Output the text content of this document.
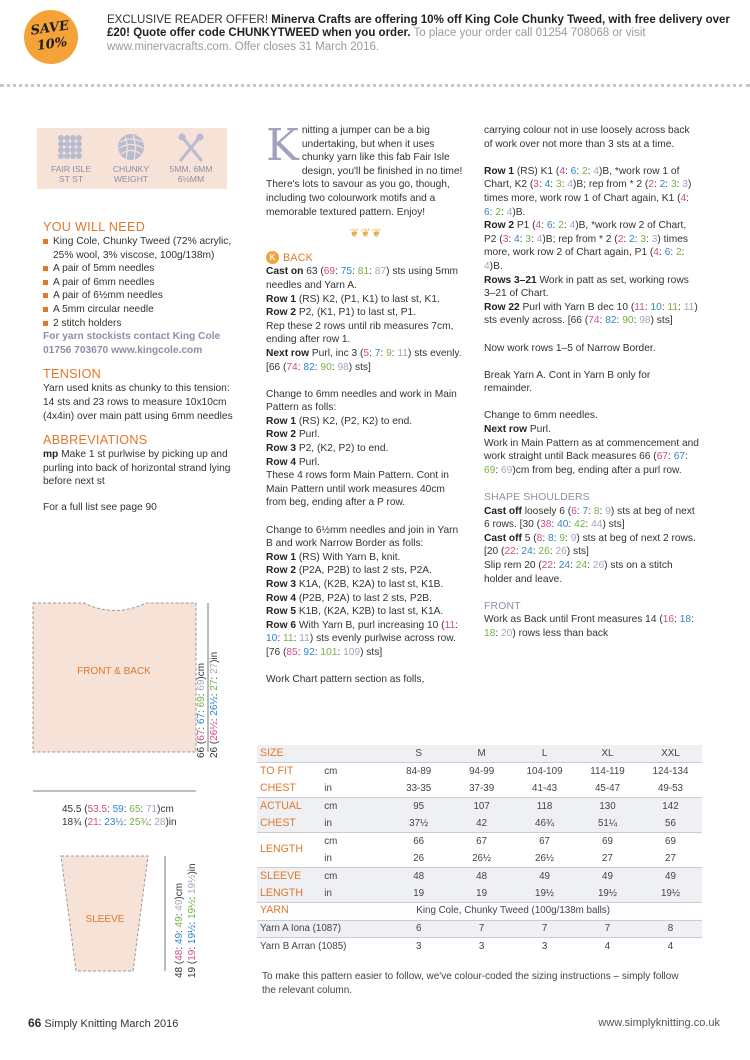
SAVE
10%
EXCLUSIVE READER OFFER! Minerva Crafts are offering 10% off King Cole Chunky Tweed, with free delivery over £20! Quote offer code CHUNKYTWEED when you order. To place your order call 01254 708068 or visit www.minervacrafts.com. Offer closes 31 March 2016.
FAIR ISLE
ST ST
CHUNKY
WEIGHT
5MM, 6MM
6½MM
YOU WILL NEED
King Cole, Chunky Tweed (72% acrylic, 25% wool, 3% viscose, 100g/138m)
A pair of 5mm needles
A pair of 6mm needles
A pair of 6½mm needles
A 5mm circular needle
2 stitch holders
For yarn stockists contact King Cole 01756 703670 www.kingcole.com
TENSION
Yarn used knits as chunky to this tension: 14 sts and 23 rows to measure 10x10cm (4x4in) over main patt using 6mm needles
ABBREVIATIONS
mp Make 1 st purlwise by picking up and purling into back of horizontal strand lying before next st
For a full list see page 90
FRONT & BACK
SLEEVE
66 (67: 67: 69: 69)cm
26 (26½: 26½: 27: 27)in
45.5 (53.5: 59: 65: 71)cm
18¾ (21: 23½: 25¾: 28)in
48 (48: 49: 49: 49)cm
19 (19: 19½: 19½: 19½)in
Knitting a jumper can be a big undertaking, but when it uses chunky yarn like this fab Fair Isle design, you'll be finished in no time! There's lots to savour as you go, though, including two colourwork motifs and a memorable textured pattern. Enjoy!
❦❦❦
K BACK
Cast on 63 (69: 75: 81: 87) sts using 5mm needles and Yarn A.
Row 1 (RS) K2, (P1, K1) to last st, K1.
Row 2 P2, (K1, P1) to last st, P1.
Rep these 2 rows until rib measures 7cm, ending after row 1.
Next row Purl, inc 3 (5: 7: 9: 11) sts evenly. [66 (74: 82: 90: 98) sts]

Change to 6mm needles and work in Main Pattern as folls:
Row 1 (RS) K2, (P2, K2) to end.
Row 2 Purl.
Row 3 P2, (K2, P2) to end.
Row 4 Purl.
These 4 rows form Main Pattern. Cont in Main Pattern until work measures 40cm from beg, ending after a P row.

Change to 6½mm needles and join in Yarn B and work Narrow Border as folls:
Row 1 (RS) With Yarn B, knit.
Row 2 (P2A, P2B) to last 2 sts, P2A.
Row 3 K1A, (K2B, K2A) to last st, K1B.
Row 4 (P2B, P2A) to last 2 sts, P2B.
Row 5 K1B, (K2A, K2B) to last st, K1A.
Row 6 With Yarn B, purl increasing 10 (11: 10: 11: 11) sts evenly purlwise across row. [76 (85: 92: 101: 109) sts]

Work Chart pattern section as folls,
carrying colour not in use loosely across back of work over not more than 3 sts at a time.

Row 1 (RS) K1 (4: 6: 2: 4)B, *work row 1 of Chart, K2 (3: 4: 3: 4)B; rep from * 2 (2: 2: 3: 3) times more, work row 1 of Chart again, K1 (4: 6: 2: 4)B.
Row 2 P1 (4: 6: 2: 4)B, *work row 2 of Chart, P2 (3: 4: 3: 4)B; rep from * 2 (2: 2: 3: 3) times more, work row 2 of Chart again, P1 (4: 6: 2: 4)B.
Rows 3–21 Work in patt as set, working rows 3–21 of Chart.
Row 22 Purl with Yarn B dec 10 (11: 10: 11: 11) sts evenly across. [66 (74: 82: 90: 98) sts]

Now work rows 1–5 of Narrow Border.

Break Yarn A. Cont in Yarn B only for remainder.

Change to 6mm needles.
Next row Purl.
Work in Main Pattern as at commencement and work straight until Back measures 66 (67: 67: 69: 69)cm from beg, ending after a purl row.

SHAPE SHOULDERS
Cast off loosely 6 (6: 7: 8: 9) sts at beg of next 6 rows. [30 (38: 40: 42: 44) sts]
Cast off 5 (8: 8: 9: 9) sts at beg of next 2 rows. [20 (22: 24: 26: 26) sts]
Slip rem 20 (22: 24: 24: 26) sts on a stitch holder and leave.

FRONT
Work as Back until Front measures 14 (16: 18: 18: 20) rows less than back
SIZE		S	M	L	XL	XXL
TO FIT	cm	84-89	94-99	104-109	114-119	124-134
CHEST	in	33-35	37-39	41-43	45-47	49-53
ACTUAL	cm	95	107	118	130	142
CHEST	in	37½	42	46¾	51¼	56
LENGTH	cm	66	67	67	69	69
	in	26	26½	26½	27	27
SLEEVE	cm	48	48	49	49	49
LENGTH	in	19	19	19½	19½	19½
YARN	King Cole, Chunky Tweed (100g/138m balls)					
Yarn A Iona (1087)		6	7	7	7	8
Yarn B Arran (1085)		3	3	3	4	4
To make this pattern easier to follow, we've colour-coded the sizing instructions – simply follow the relevant column.
66 Simply Knitting March 2016	www.simplyknitting.co.uk
